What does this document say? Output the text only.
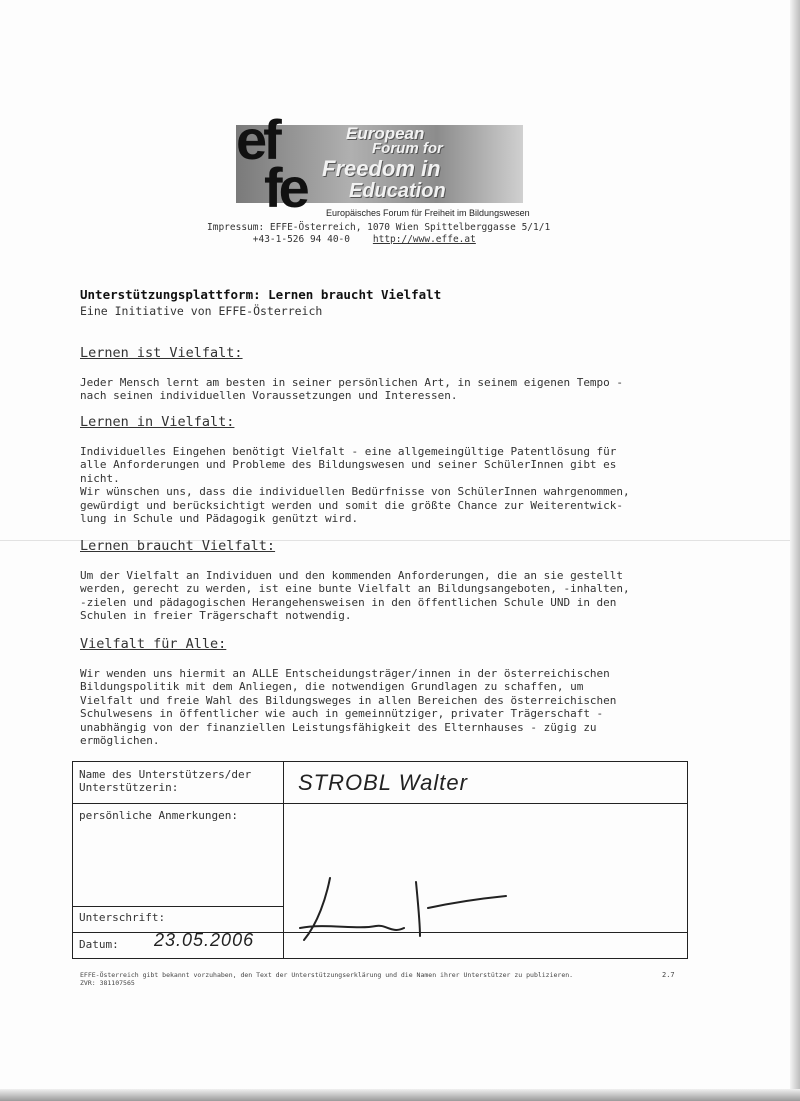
ef
fe
European
Forum for
Freedom in
Education
Europäisches Forum für Freiheit im Bildungswesen
Impressum: EFFE-Österreich, 1070 Wien Spittelberggasse 5/1/1
+43-1-526 94 40-0 http://www.effe.at
Unterstützungsplattform: Lernen braucht Vielfalt
Eine Initiative von EFFE-Österreich
Lernen ist Vielfalt:
Jeder Mensch lernt am besten in seiner persönlichen Art, in seinem eigenen Tempo -
nach seinen individuellen Voraussetzungen und Interessen.
Lernen in Vielfalt:
Individuelles Eingehen benötigt Vielfalt - eine allgemeingültige Patentlösung für
alle Anforderungen und Probleme des Bildungswesen und seiner SchülerInnen gibt es
nicht.
Wir wünschen uns, dass die individuellen Bedürfnisse von SchülerInnen wahrgenommen,
gewürdigt und berücksichtigt werden und somit die größte Chance zur Weiterentwick-
lung in Schule und Pädagogik genützt wird.
Lernen braucht Vielfalt:
Um der Vielfalt an Individuen und den kommenden Anforderungen, die an sie gestellt
werden, gerecht zu werden, ist eine bunte Vielfalt an Bildungsangeboten, -inhalten,
-zielen und pädagogischen Herangehensweisen in den öffentlichen Schule UND in den
Schulen in freier Trägerschaft notwendig.
Vielfalt für Alle:
Wir wenden uns hiermit an ALLE Entscheidungsträger/innen in der österreichischen
Bildungspolitik mit dem Anliegen, die notwendigen Grundlagen zu schaffen, um
Vielfalt und freie Wahl des Bildungsweges in allen Bereichen des österreichischen
Schulwesens in öffentlicher wie auch in gemeinnütziger, privater Trägerschaft -
unabhängig von der finanziellen Leistungsfähigkeit des Elternhauses - zügig zu
ermöglichen.
Name des Unterstützers/der
Unterstützerin:
persönliche Anmerkungen:
Unterschrift:
Datum:
STROBL Walter
23.05.2006
EFFE-Österreich gibt bekannt vorzuhaben, den Text der Unterstützungserklärung und die Namen ihrer Unterstützer zu publizieren.
ZVR: 381107565
2.7
